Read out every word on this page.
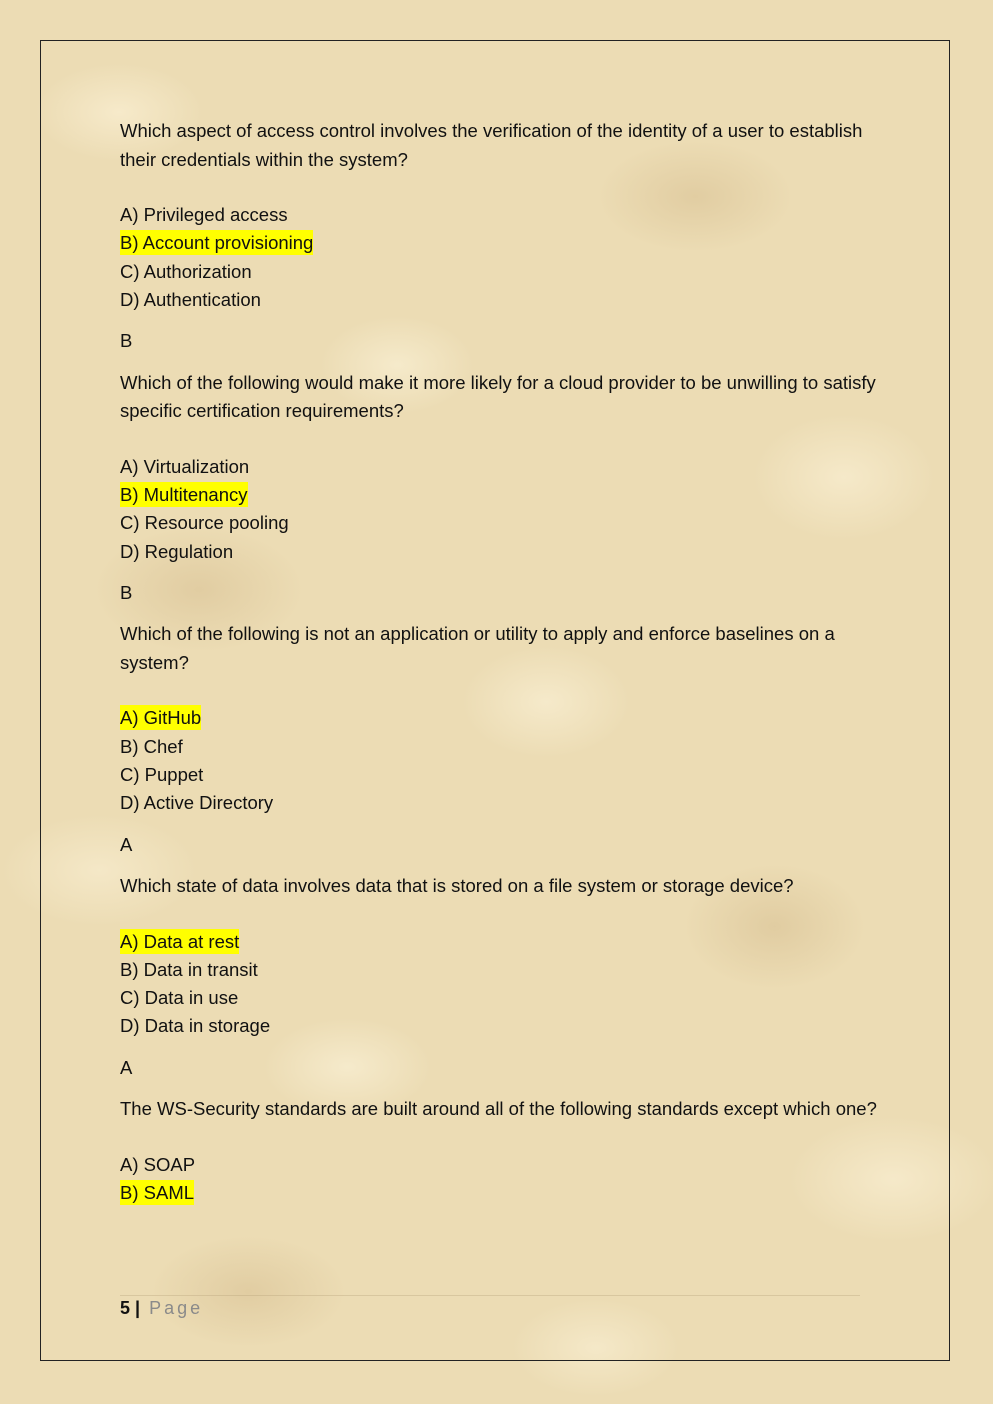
Which aspect of access control involves the verification of the identity of a user to establish their credentials within the system?

A) Privileged access
B) Account provisioning
C) Authorization
D) Authentication

B

Which of the following would make it more likely for a cloud provider to be unwilling to satisfy specific certification requirements?

A) Virtualization
B) Multitenancy
C) Resource pooling
D) Regulation

B

Which of the following is not an application or utility to apply and enforce baselines on a system?

A) GitHub
B) Chef
C) Puppet
D) Active Directory

A

Which state of data involves data that is stored on a file system or storage device?

A) Data at rest
B) Data in transit
C) Data in use
D) Data in storage

A

The WS-Security standards are built around all of the following standards except which one?

A) SOAP
B) SAML
5 | Page
